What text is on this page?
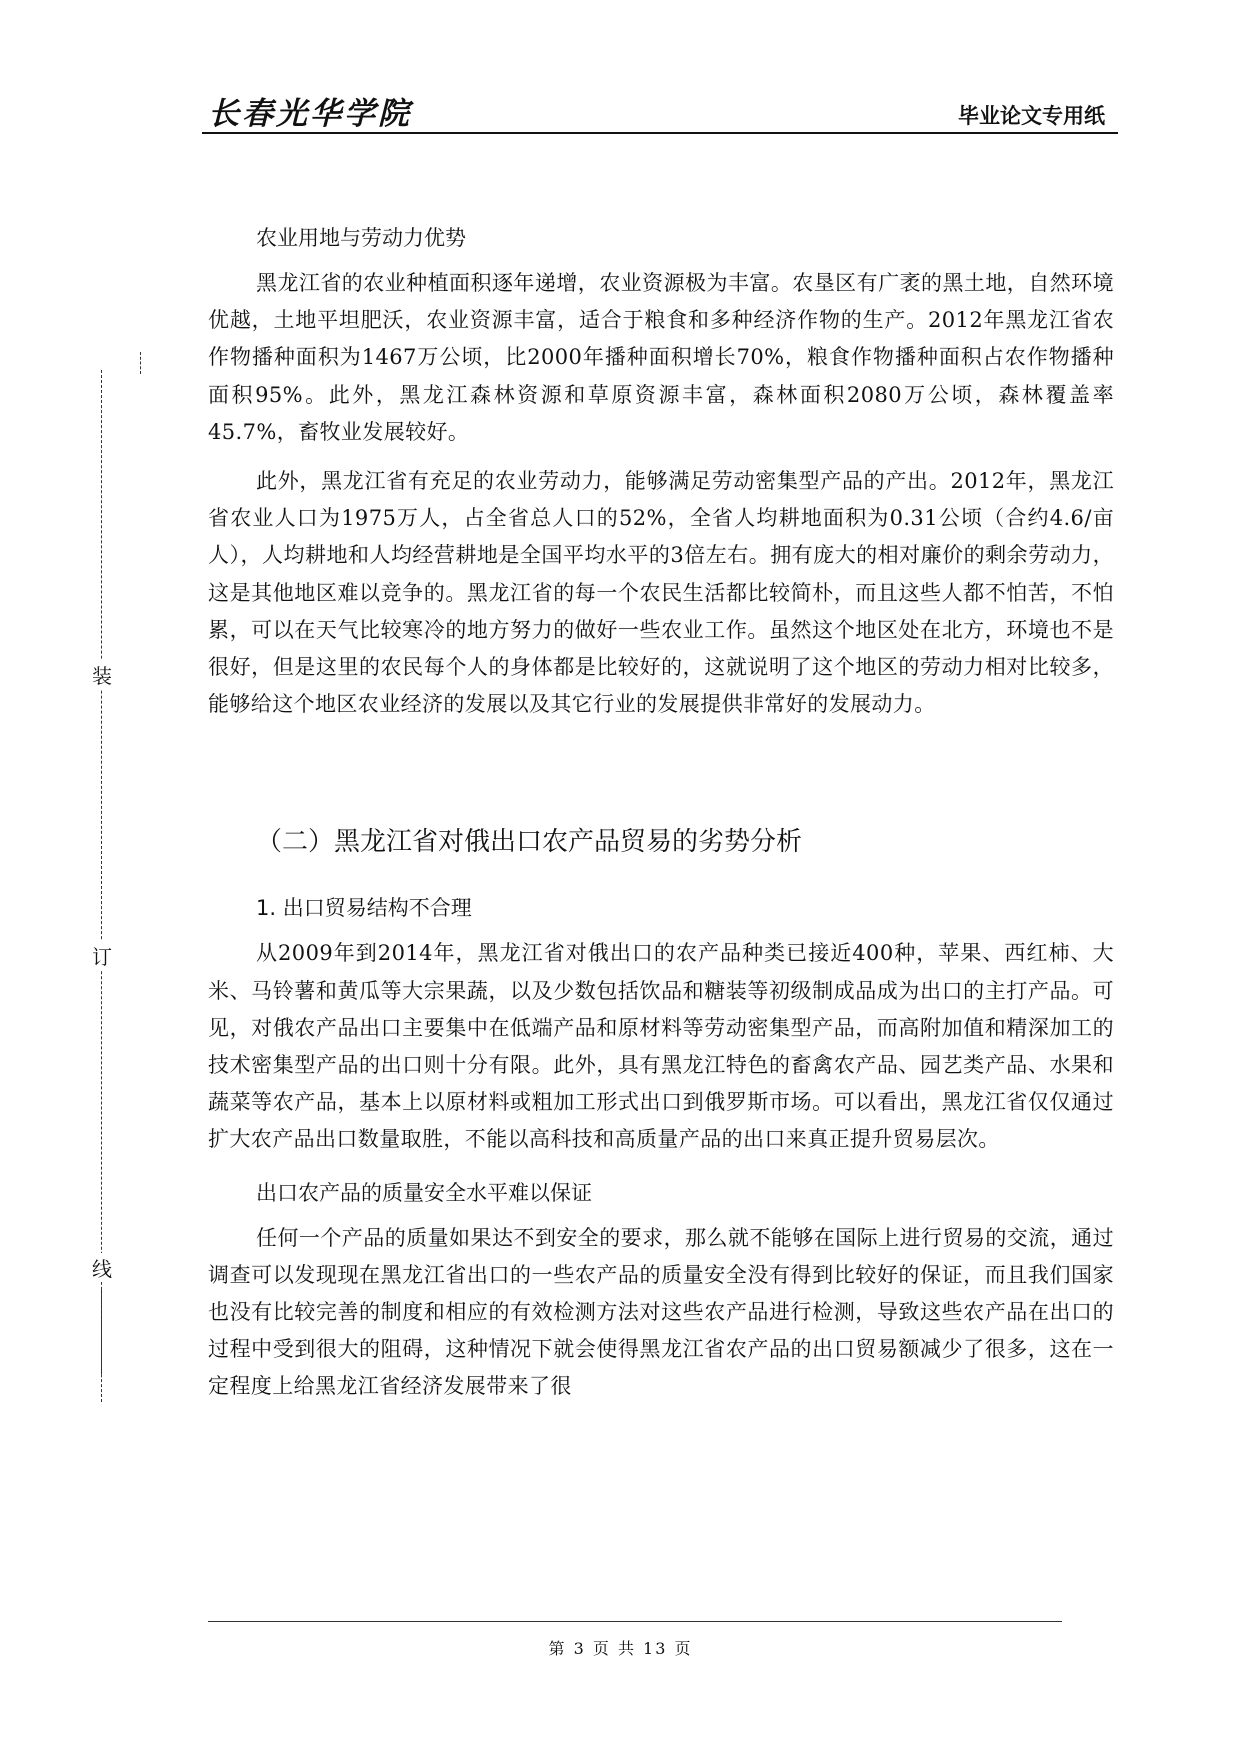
长春光华学院	毕业论文专用纸
装
订
线
农业用地与劳动力优势

黑龙江省的农业种植面积逐年递增，农业资源极为丰富。农垦区有广袤的黑土地，自然环境优越，土地平坦肥沃，农业资源丰富，适合于粮食和多种经济作物的生产。2012年黑龙江省农作物播种面积为1467万公顷，比2000年播种面积增长70%，粮食作物播种面积占农作物播种面积95%。此外，黑龙江森林资源和草原资源丰富，森林面积2080万公顷，森林覆盖率45.7%，畜牧业发展较好。

此外，黑龙江省有充足的农业劳动力，能够满足劳动密集型产品的产出。2012年，黑龙江省农业人口为1975万人，占全省总人口的52%，全省人均耕地面积为0.31公顷（合约4.6/亩人），人均耕地和人均经营耕地是全国平均水平的3倍左右。拥有庞大的相对廉价的剩余劳动力，这是其他地区难以竞争的。黑龙江省的每一个农民生活都比较简朴，而且这些人都不怕苦，不怕累，可以在天气比较寒冷的地方努力的做好一些农业工作。虽然这个地区处在北方，环境也不是很好，但是这里的农民每个人的身体都是比较好的，这就说明了这个地区的劳动力相对比较多，能够给这个地区农业经济的发展以及其它行业的发展提供非常好的发展动力。

（二）黑龙江省对俄出口农产品贸易的劣势分析
1. 出口贸易结构不合理

从2009年到2014年，黑龙江省对俄出口的农产品种类已接近400种，苹果、西红柿、大米、马铃薯和黄瓜等大宗果蔬，以及少数包括饮品和糖装等初级制成品成为出口的主打产品。可见，对俄农产品出口主要集中在低端产品和原材料等劳动密集型产品，而高附加值和精深加工的技术密集型产品的出口则十分有限。此外，具有黑龙江特色的畜禽农产品、园艺类产品、水果和蔬菜等农产品，基本上以原材料或粗加工形式出口到俄罗斯市场。可以看出，黑龙江省仅仅通过扩大农产品出口数量取胜，不能以高科技和高质量产品的出口来真正提升贸易层次。

出口农产品的质量安全水平难以保证

任何一个产品的质量如果达不到安全的要求，那么就不能够在国际上进行贸易的交流，通过调查可以发现现在黑龙江省出口的一些农产品的质量安全没有得到比较好的保证，而且我们国家也没有比较完善的制度和相应的有效检测方法对这些农产品进行检测，导致这些农产品在出口的过程中受到很大的阻碍，这种情况下就会使得黑龙江省农产品的出口贸易额减少了很多，这在一定程度上给黑龙江省经济发展带来了很

第 3 页 共 13 页
